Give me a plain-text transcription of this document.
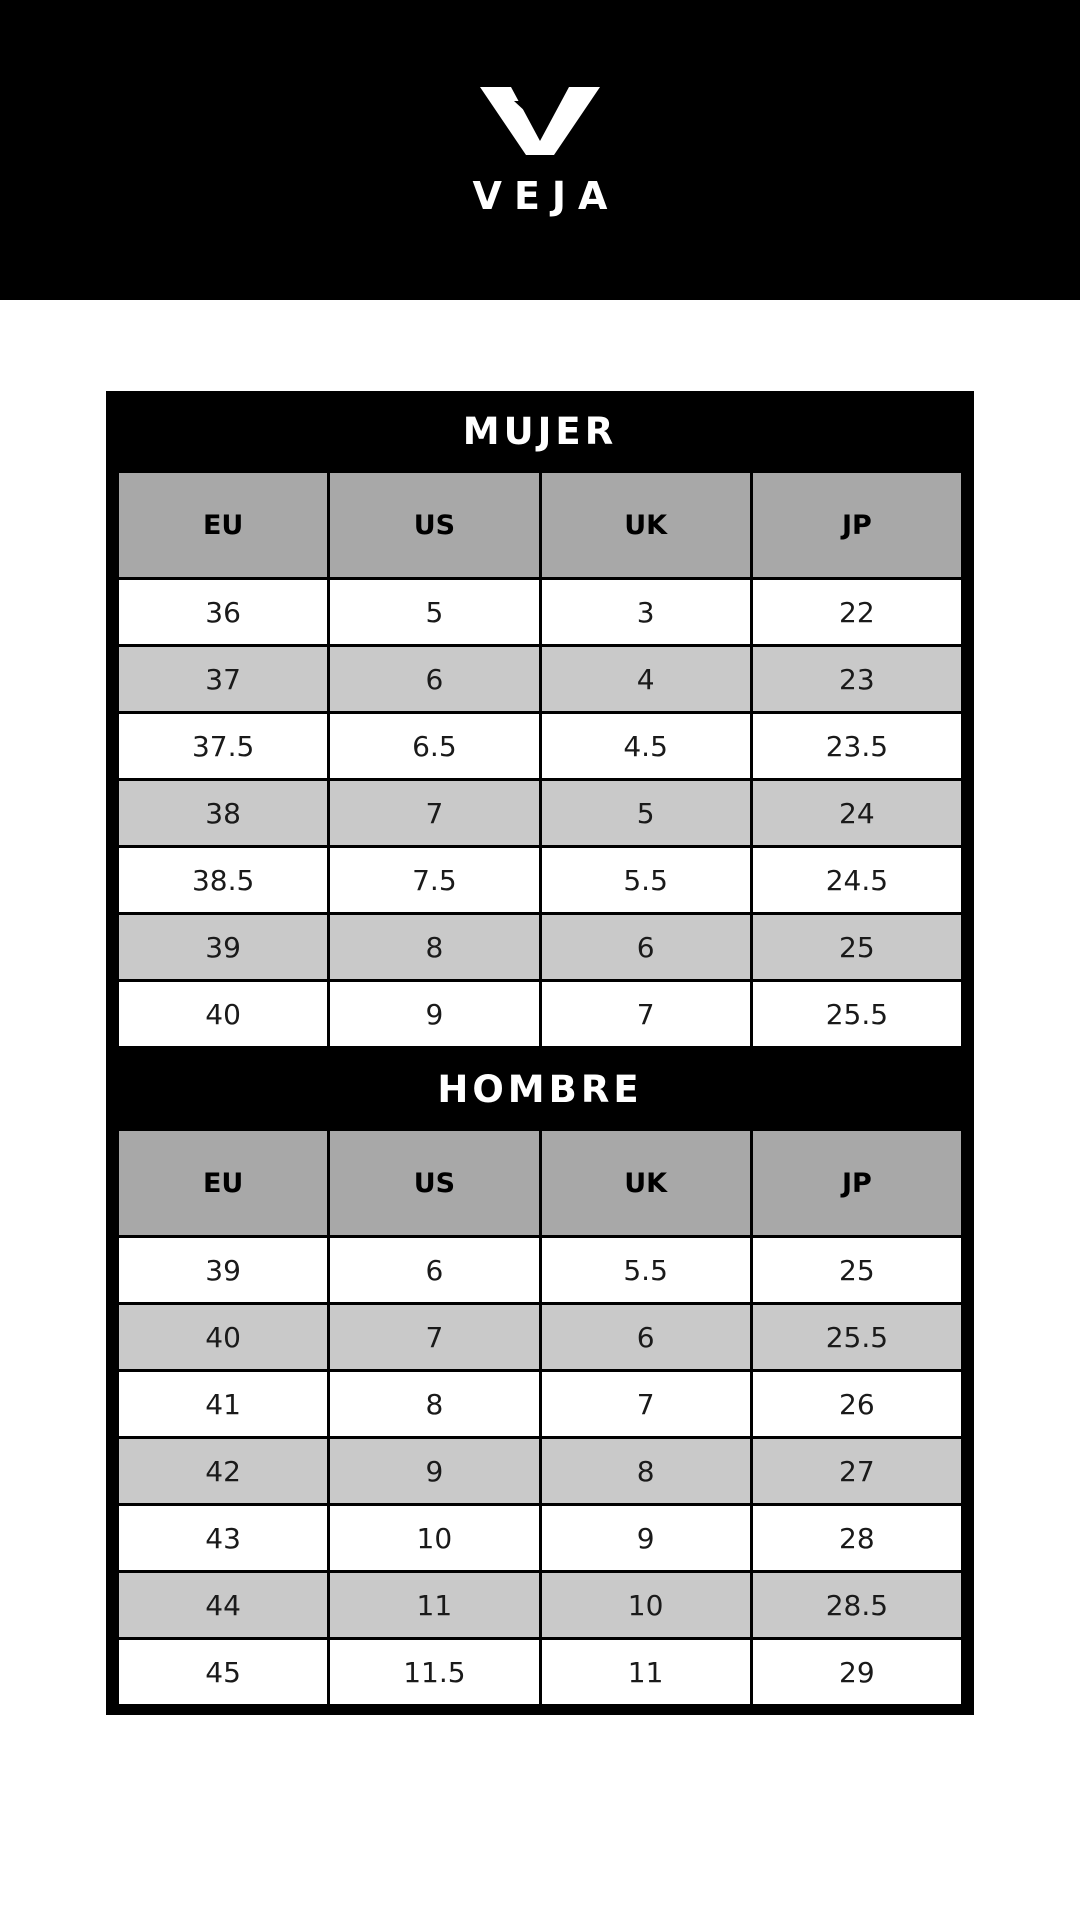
VEJA
MUJER
EU	US	UK	JP
36	5	3	22
37	6	4	23
37.5	6.5	4.5	23.5
38	7	5	24
38.5	7.5	5.5	24.5
39	8	6	25
40	9	7	25.5
HOMBRE
EU	US	UK	JP
39	6	5.5	25
40	7	6	25.5
41	8	7	26
42	9	8	27
43	10	9	28
44	11	10	28.5
45	11.5	11	29
